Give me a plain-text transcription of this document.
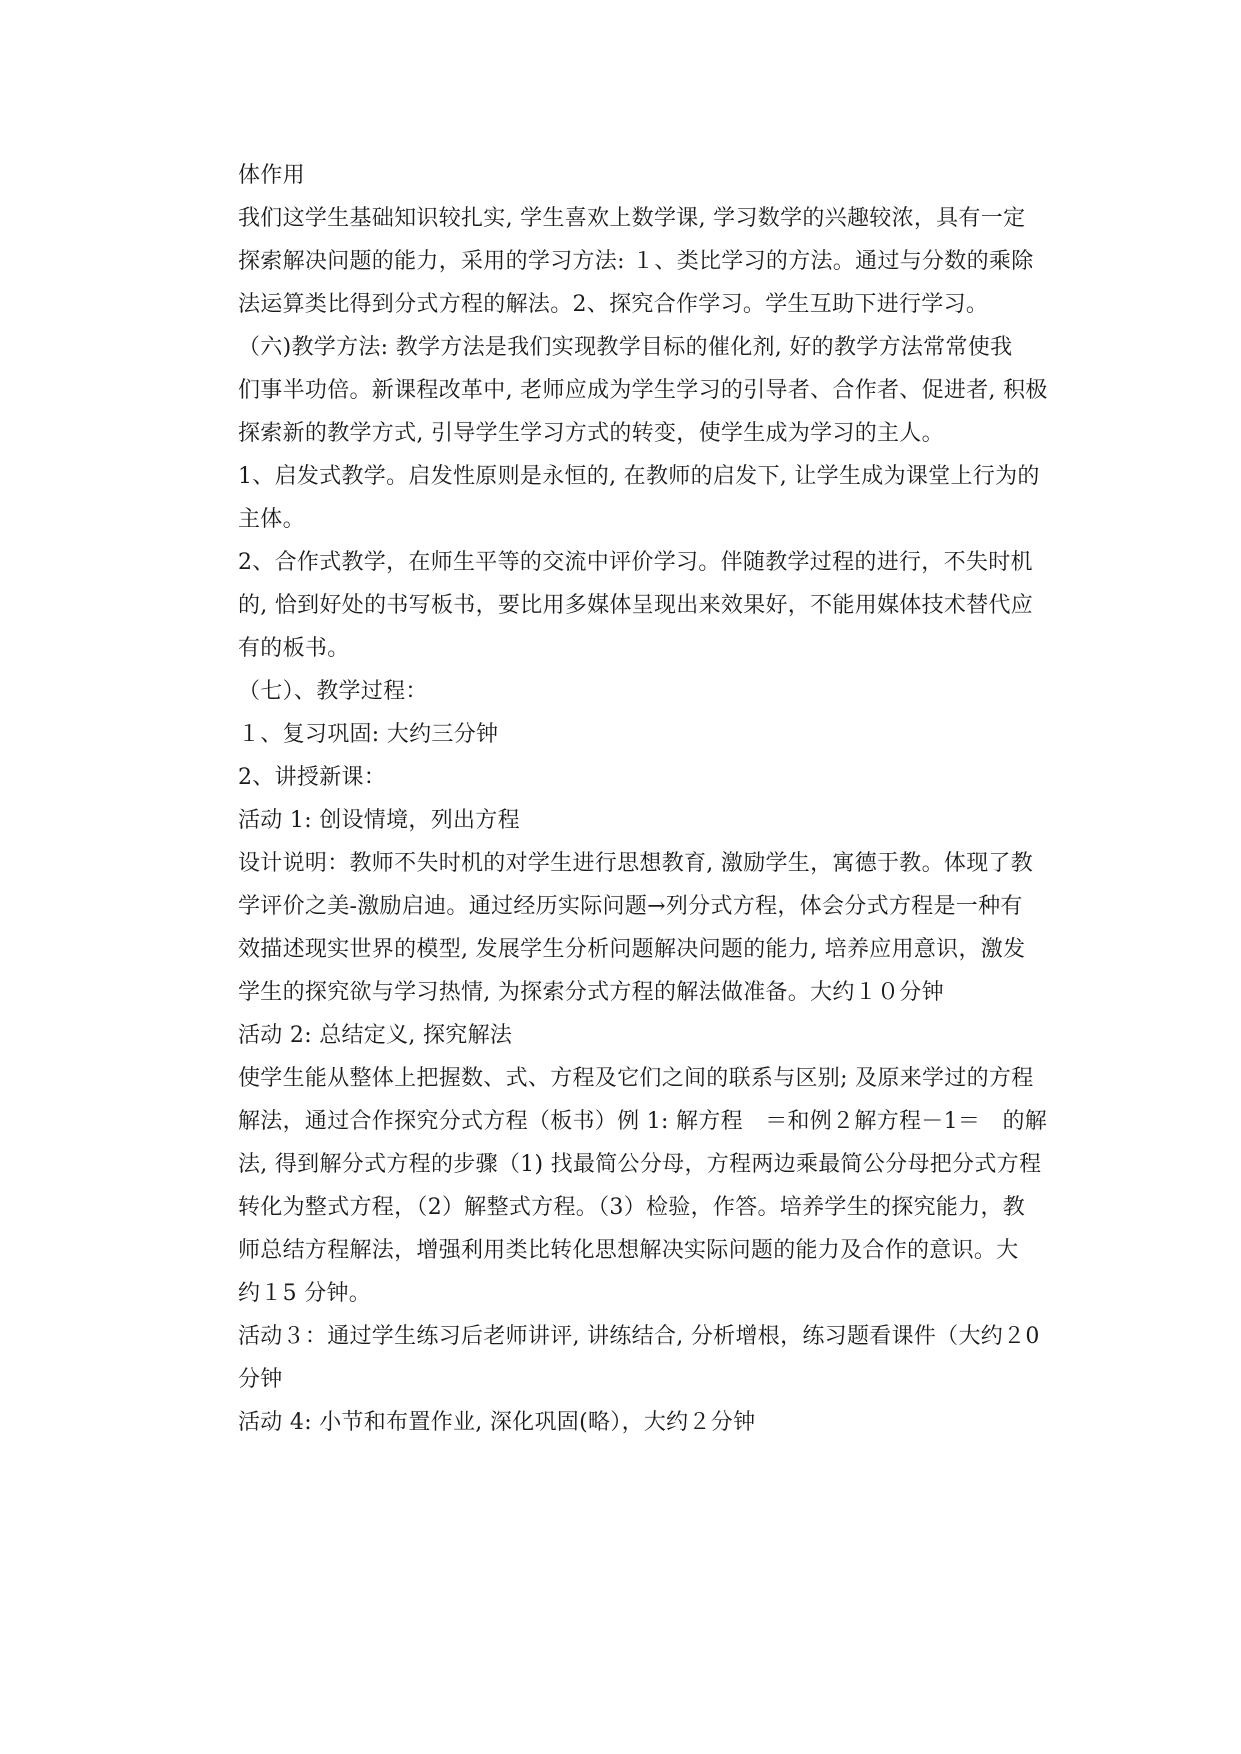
体作用
我们这学生基础知识较扎实, 学生喜欢上数学课, 学习数学的兴趣较浓，具有一定
探索解决问题的能力，采用的学习方法: １、类比学习的方法。通过与分数的乘除
法运算类比得到分式方程的解法。2、探究合作学习。学生互助下进行学习。
（六)教学方法: 教学方法是我们实现教学目标的催化剂, 好的教学方法常常使我
们事半功倍。新课程改革中, 老师应成为学生学习的引导者、合作者、促进者, 积极
探索新的教学方式, 引导学生学习方式的转变，使学生成为学习的主人。
1、启发式教学。启发性原则是永恒的, 在教师的启发下, 让学生成为课堂上行为的
主体。
2、合作式教学，在师生平等的交流中评价学习。伴随教学过程的进行，不失时机
的, 恰到好处的书写板书，要比用多媒体呈现出来效果好，不能用媒体技术替代应
有的板书。
（七）、教学过程：
１、复习巩固: 大约三分钟
2、讲授新课：
活动 1: 创设情境，列出方程
设计说明：教师不失时机的对学生进行思想教育, 激励学生，寓德于教。体现了教
学评价之美-激励启迪。通过经历实际问题→列分式方程，体会分式方程是一种有
效描述现实世界的模型, 发展学生分析问题解决问题的能力, 培养应用意识，激发
学生的探究欲与学习热情, 为探索分式方程的解法做准备。大约１０分钟
活动 2: 总结定义, 探究解法
使学生能从整体上把握数、式、方程及它们之间的联系与区别; 及原来学过的方程
解法，通过合作探究分式方程（板书）例 1: 解方程　＝和例２解方程－1＝　的解
法, 得到解分式方程的步骤（1) 找最简公分母，方程两边乘最简公分母把分式方程
转化为整式方程，（2）解整式方程。（3）检验，作答。培养学生的探究能力，教
师总结方程解法，增强利用类比转化思想解决实际问题的能力及合作的意识。大
约１5 分钟。
活动３：通过学生练习后老师讲评, 讲练结合, 分析增根，练习题看课件（大约２0
分钟
活动 4: 小节和布置作业, 深化巩固(略），大约２分钟
